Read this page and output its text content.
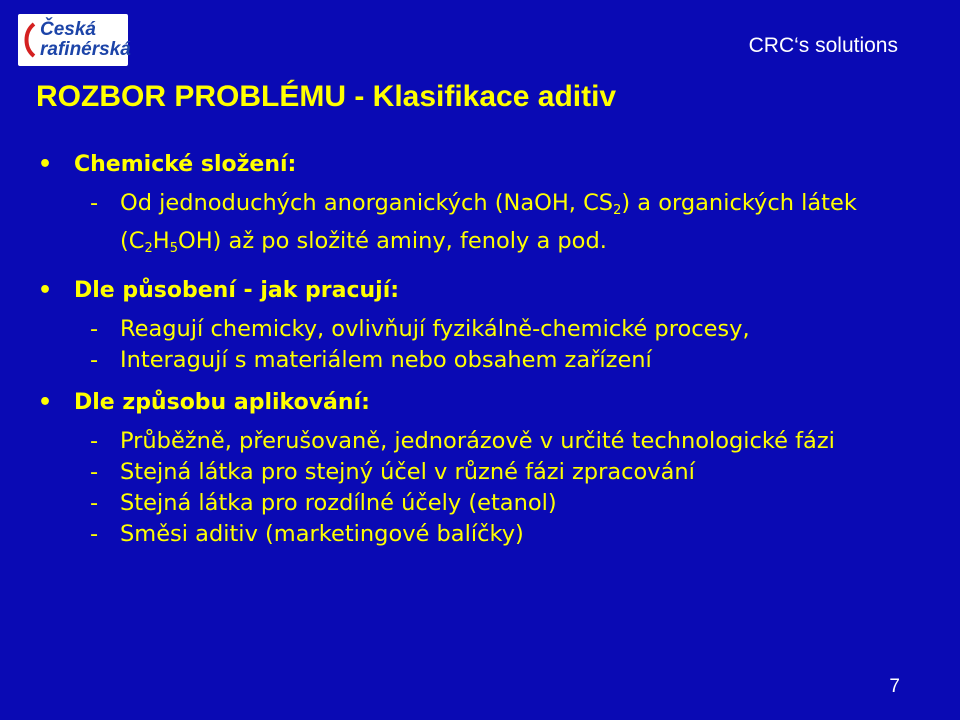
Česká
rafinérská	CRC‘s solutions
ROZBOR PROBLÉMU - Klasifikace aditiv
• Chemické složení:
- Od jednoduchých anorganických (NaOH, $CS_2$) a organických látek $(C_2H_5OH)$ až po složité aminy, fenoly a pod.
• Dle působení - jak pracují:
- Reagují chemicky, ovlivňují fyzikálně-chemické procesy,
- Interagují s materiálem nebo obsahem zařízení
• Dle způsobu aplikování:
- Průběžně, přerušovaně, jednorázově v určité technologické fázi
- Stejná látka pro stejný účel v různé fázi zpracování
- Stejná látka pro rozdílné účely (etanol)
- Směsi aditiv (marketingové balíčky)
7
